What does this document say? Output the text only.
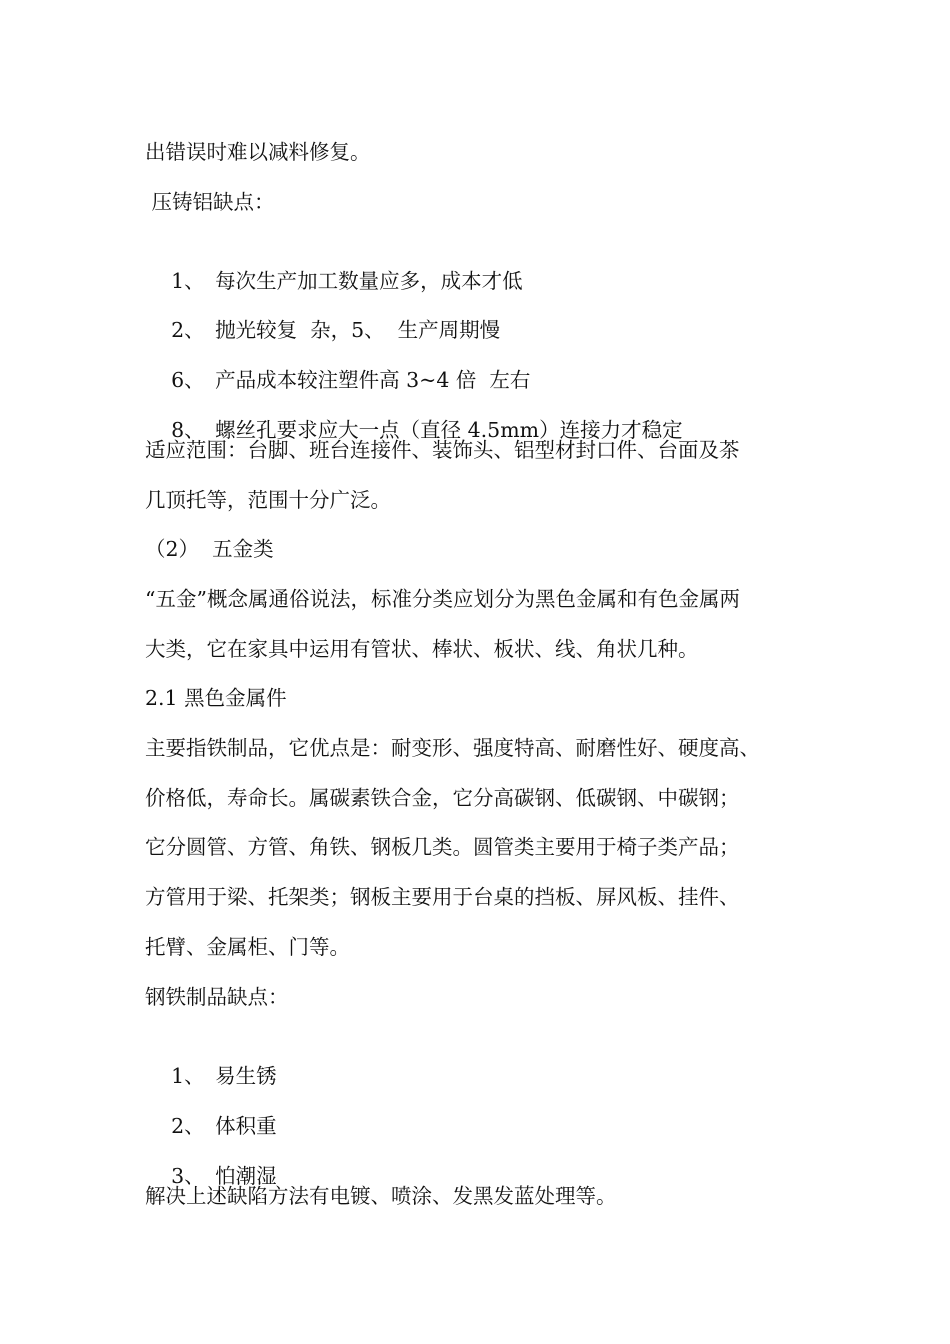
出错误时难以减料修复。
压铸铝缺点：

1、 每次生产加工数量应多，成本才低

2、 抛光较复  杂，5、  生产周期慢

6、 产品成本较注塑件高 3~4 倍  左右

8、 螺丝孔要求应大一点（直径 4.5mm）连接力才稳定

适应范围：台脚、班台连接件、装饰头、铝型材封口件、台面及茶
几顶托等，范围十分广泛。
（2）  五金类
“五金”概念属通俗说法，标准分类应划分为黑色金属和有色金属两
大类，它在家具中运用有管状、棒状、板状、线、角状几种。
2.1 黑色金属件
主要指铁制品，它优点是：耐变形、强度特高、耐磨性好、硬度高、
价格低，寿命长。属碳素铁合金，它分高碳钢、低碳钢、中碳钢；
它分圆管、方管、角铁、钢板几类。圆管类主要用于椅子类产品；
方管用于梁、托架类；钢板主要用于台桌的挡板、屏风板、挂件、
托臂、金属柜、门等。
钢铁制品缺点：

1、 易生锈

2、 体积重

3、 怕潮湿

解决上述缺陷方法有电镀、喷涂、发黑发蓝处理等。
